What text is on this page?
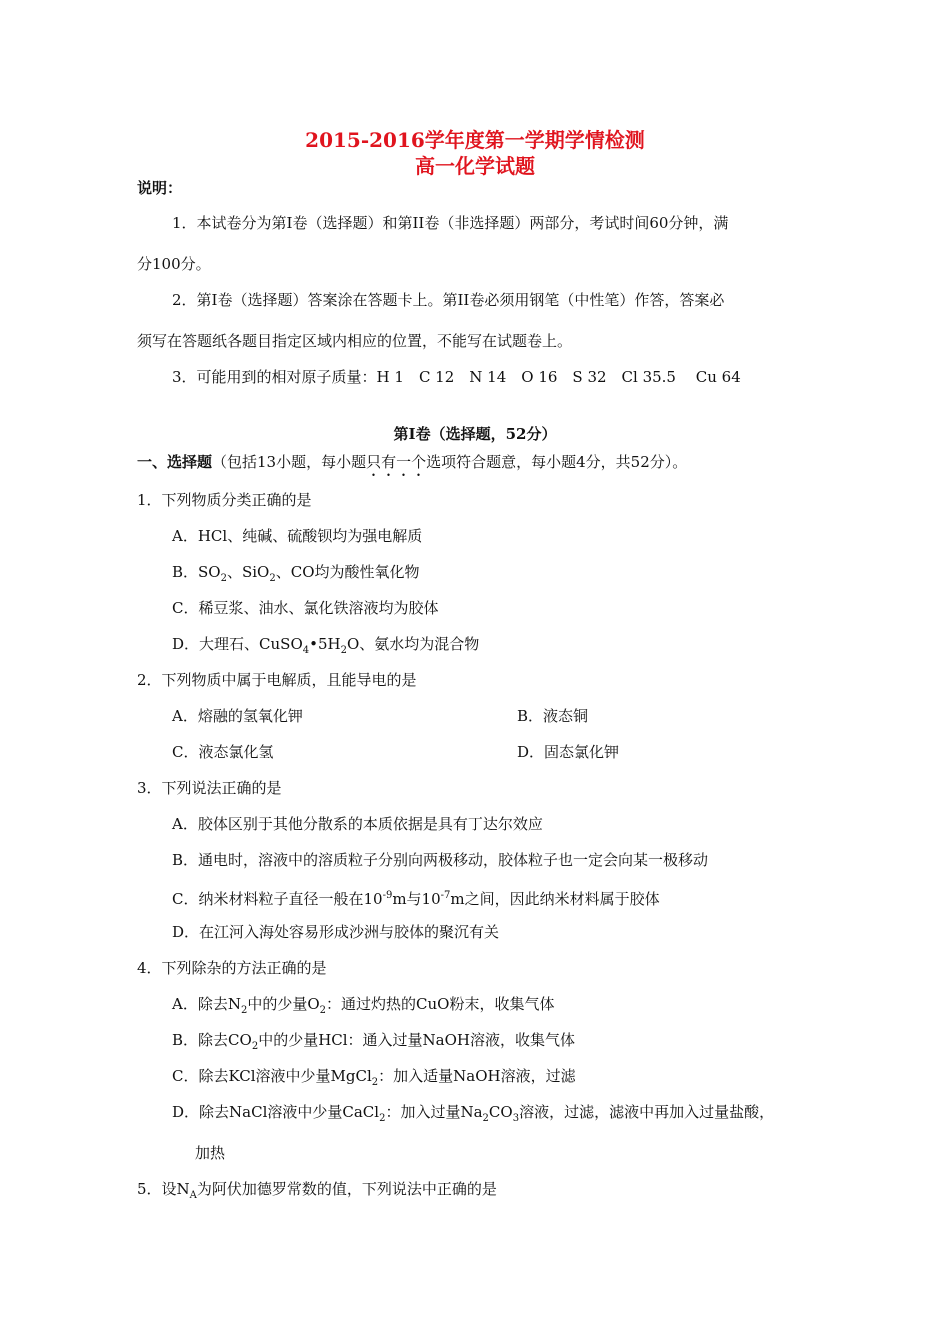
2015-2016学年度第一学期学情检测
高一化学试题
说明：
1．本试卷分为第Ⅰ卷（选择题）和第II卷（非选择题）两部分，考试时间60分钟，满
分100分。
2．第Ⅰ卷（选择题）答案涂在答题卡上。第II卷必须用钢笔（中性笔）作答，答案必
须写在答题纸各题目指定区域内相应的位置，不能写在试题卷上。
3．可能用到的相对原子质量：H 1　C 12　N 14　O 16　S 32　Cl 35.5　 Cu 64
第Ⅰ卷（选择题，52分）
一、选择题（包括13小题，每小题只有一个选项符合题意，每小题4分，共52分）。
1．下列物质分类正确的是
A．HCl、纯碱、硫酸钡均为强电解质
B．$SO_2$、SiO$_2$、CO均为酸性氧化物
C．稀豆浆、油水、氯化铁溶液均为胶体
D．大理石、$CuSO_4•5H_2O$、氨水均为混合物
2．下列物质中属于电解质，且能导电的是
A．熔融的氢氧化钾	B．液态铜
C．液态氯化氢	D．固态氯化钾
3．下列说法正确的是
A．胶体区别于其他分散系的本质依据是具有丁达尔效应
B．通电时，溶液中的溶质粒子分别向两极移动，胶体粒子也一定会向某一极移动
C．纳米材料粒子直径一般在$10^{-9}m$与$10^{-7}m$之间，因此纳米材料属于胶体
D．在江河入海处容易形成沙洲与胶体的聚沉有关
4．下列除杂的方法正确的是
A．除去$N_2$中的少量$O_2$：通过灼热的CuO粉末，收集气体
B．除去$CO_2$中的少量HCl：通入过量NaOH溶液，收集气体
C．除去KCl溶液中少量MgCl$_2$：加入适量NaOH溶液，过滤
D．除去NaCl溶液中少量CaCl$_2$：加入过量$Na_2CO_3$溶液，过滤，滤液中再加入过量盐酸，
加热
5．设$N_A$为阿伏加德罗常数的值，下列说法中正确的是
